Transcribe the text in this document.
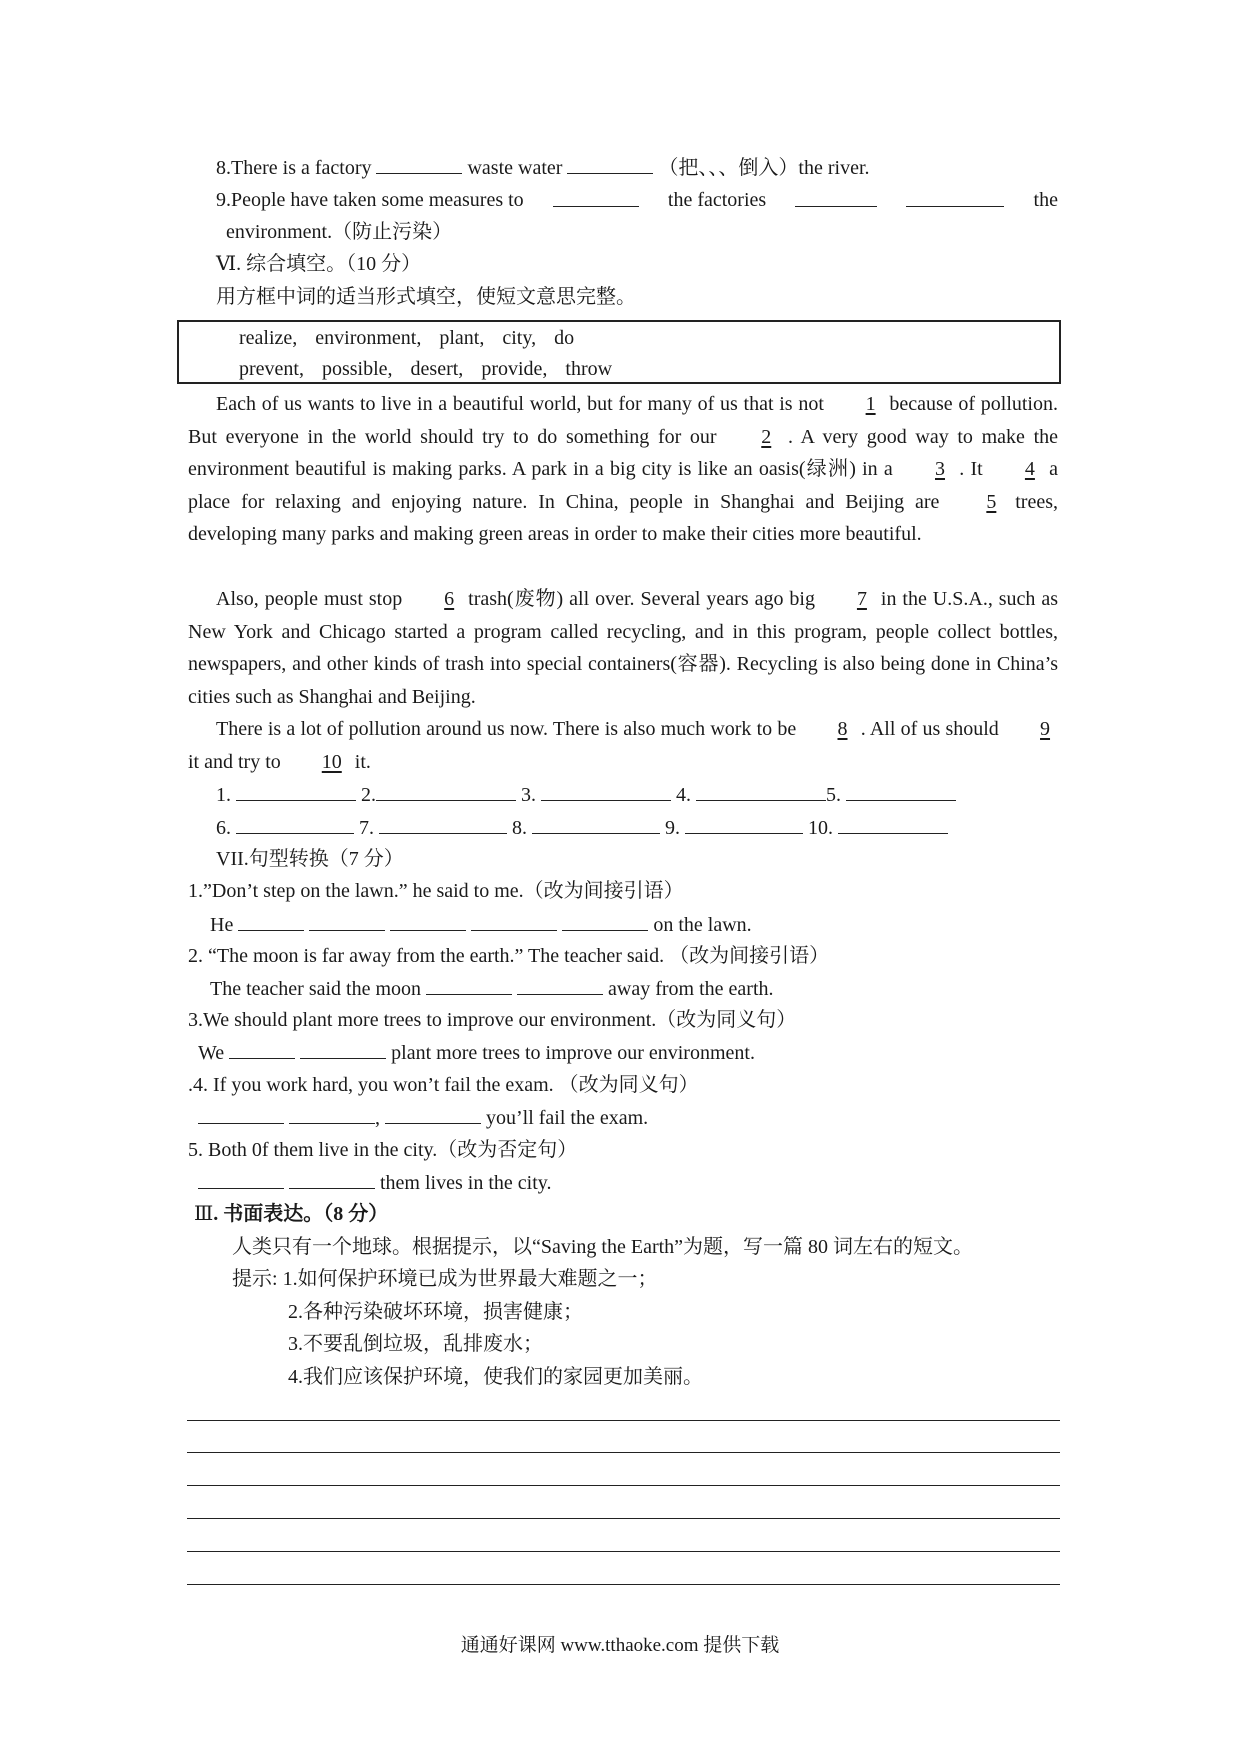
8.There is a factory	waste water	（把、、、倒入）the river.
9.People have taken some measures to	the factories	the
environment.（防止污染）
Ⅵ. 综合填空。（10 分）
用方框中词的适当形式填空，使短文意思完整。
realize, environment, plant, city, do
prevent, possible, desert, provide, throw
Each of us wants to live in a beautiful world, but for many of us that is not 1 because of pollution. But everyone in the world should try to do something for our 2 . A very good way to make the environment beautiful is making parks. A park in a big city is like an oasis(绿洲) in a 3 . It 4 a place for relaxing and enjoying nature. In China, people in Shanghai and Beijing are 5 trees, developing many parks and making green areas in order to make their cities more beautiful.
Also, people must stop 6 trash(废物) all over. Several years ago big 7 in the U.S.A., such as New York and Chicago started a program called recycling, and in this program, people collect bottles, newspapers, and other kinds of trash into special containers(容器). Recycling is also being done in China’s cities such as Shanghai and Beijing.
There is a lot of pollution around us now. There is also much work to be 8 . All of us should 9 it and try to 10 it.
1.	2.	3.	4.	5.
6.	7.	8.	9.	10.
VII.句型转换（7 分）
1.”Don’t step on the lawn.” he said to me.（改为间接引语）
He	on the lawn.
2. “The moon is far away from the earth.” The teacher said. （改为间接引语）
The teacher said the moon	away from the earth.
3.We should plant more trees to improve our environment.（改为同义句）
We	plant more trees to improve our environment.
.4. If you work hard, you won’t fail the exam. （改为同义句）
,	you’ll fail the exam.
5. Both 0f them live in the city.（改为否定句）
them lives in the city.
Ⅲ. 书面表达。（8 分）
人类只有一个地球。根据提示，以“Saving the Earth”为题，写一篇 80 词左右的短文。
提示: 1.如何保护环境已成为世界最大难题之一；
2.各种污染破坏环境，损害健康；
3.不要乱倒垃圾，乱排废水；
4.我们应该保护环境，使我们的家园更加美丽。
通通好课网 www.tthaoke.com 提供下载
